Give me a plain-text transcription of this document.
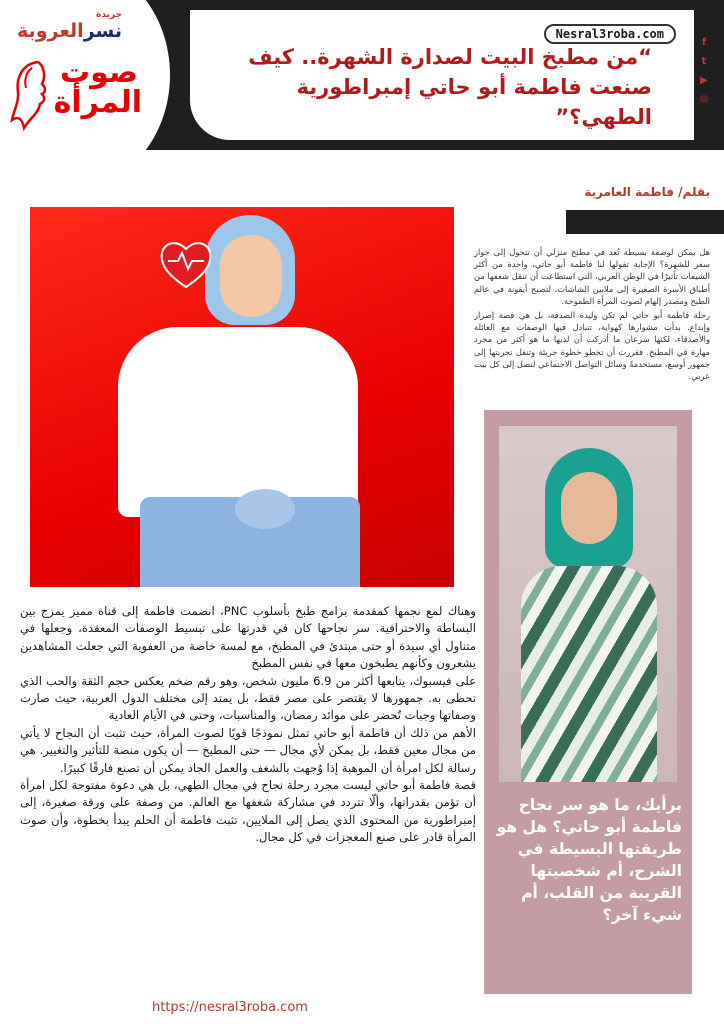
جريدة
نسرالعروبة
صوت المرأة
Nesral3roba.com
“من مطبخ البيت لصدارة الشهرة.. كيف صنعت فاطمة أبو حاتي إمبراطورية الطهي؟”
f
t
▶
◎
بقلم/ فاطمة العامرية

هل يمكن لوصفة بسيطة تُعد في مطبخ منزلي أن تتحول إلى جواز سفر للشهرة؟ الإجابة تقولها لنا فاطمة أبو حاتي، واحدة من أكثر الشيفات تأثيرًا في الوطن العربي، التي استطاعت أن تنقل شغفها من أطباق الأسرة الصغيرة إلى ملايين الشاشات، لتصبح أيقونة في عالم الطبخ ومصدر إلهام لصوت المرأة الطموحة.

رحلة فاطمة أبو حاتي لم تكن وليدة الصدفة، بل هي قصة إصرار وإبداع. بدأت مشوارها كهواية، تتبادل فيها الوصفات مع العائلة والأصدقاء، لكنها سرعان ما أدركت أن لديها ما هو أكثر من مجرد مهارة في المطبخ. فقررت أن تخطو خطوة جريئة وتنقل تجربتها إلى جمهور أوسع، مستخدمةً وسائل التواصل الاجتماعي لتصل إلى كل بيت عربي.

برأيك، ما هو سر نجاح فاطمة أبو حاتي؟ هل هو طريقتها البسيطة في الشرح، أم شخصيتها القريبة من القلب، أم شيء آخر؟

وهناك لمع نجمها كمقدمة برامج طبخ بأسلوب PNC، انضمت فاطمة إلى قناة مميز يمزج بين البساطة والاحترافية. سر نجاحها كان في قدرتها على تبسيط الوصفات المعقدة، وجعلها في متناول أي سيدة أو حتى مبتدئ في المطبخ، مع لمسة خاصة من العفوية التي جعلت المشاهدين يشعرون وكأنهم يطبخون معها في نفس المطبخ

على فيسبوك، يتابعها أكثر من 6.9 مليون شخص، وهو رقم ضخم يعكس حجم الثقة والحب الذي تحظى به. جمهورها لا يقتصر على مصر فقط، بل يمتد إلى مختلف الدول العربية، حيث صارت وصفاتها وجبات تُحضر على موائد رمضان، والمناسبات، وحتى في الأيام العادية

الأهم من ذلك أن فاطمة أبو حاتي تمثل نموذجًا قويًا لصوت المرأة، حيث تثبت أن النجاح لا يأتي من مجال معين فقط، بل يمكن لأي مجال — حتى المطبخ — أن يكون منصة للتأثير والتغيير. هي رسالة لكل امرأة أن الموهبة إذا وُجهت بالشغف والعمل الجاد يمكن أن تصنع فارقًا كبيرًا.

قصة فاطمة أبو حاتي ليست مجرد رحلة نجاح في مجال الطهي، بل هي دعوة مفتوحة لكل امرأة أن تؤمن بقدراتها، وألّا تتردد في مشاركة شغفها مع العالم. من وصفة على ورقة صغيرة، إلى إمبراطورية من المحتوى الذي يصل إلى الملايين، تثبت فاطمة أن الحلم يبدأ بخطوة، وأن صوت المرأة قادر على صنع المعجزات في كل مجال.

https://nesral3roba.com
